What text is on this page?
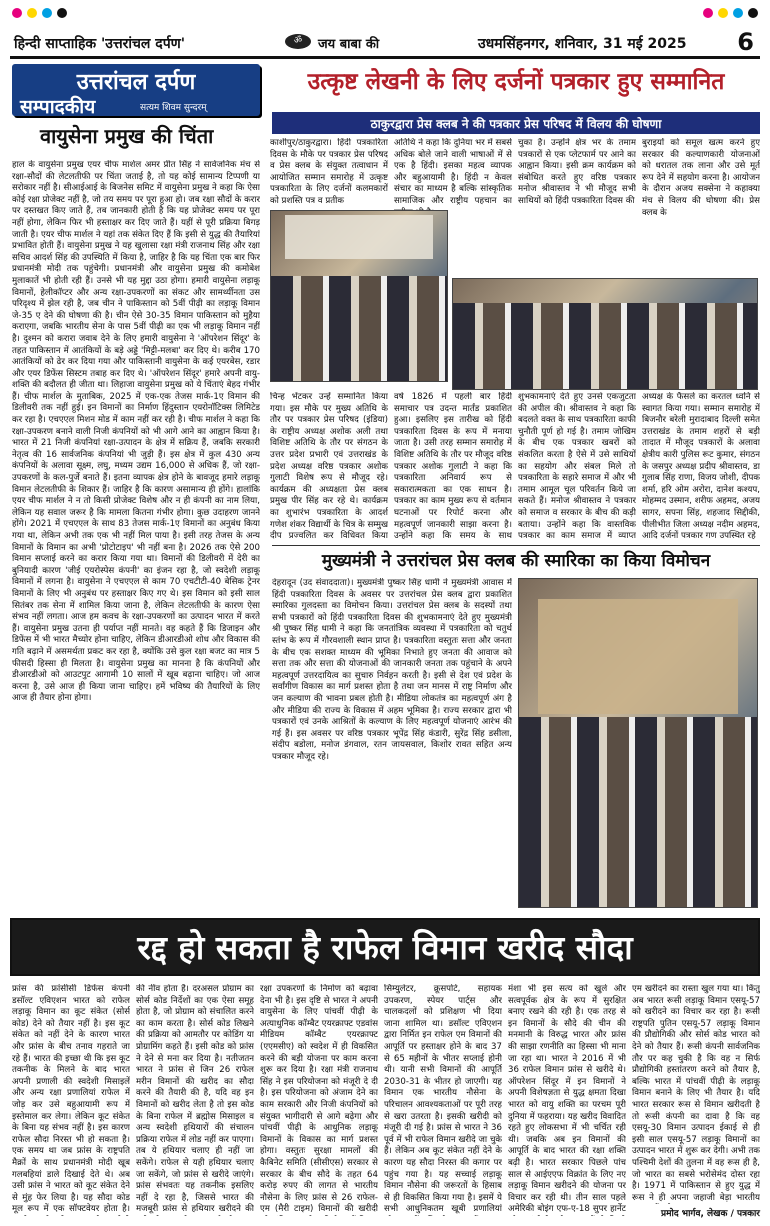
हिन्दी साप्ताहिक 'उत्तरांचल दर्पण'	ॐ	जय बाबा की	उधमसिंहनगर, शनिवार, 31 मई 2025 6
उत्तरांचल दर्पण
सम्पादकीय	सत्यम शिवम सुन्दरम्
वायुसेना प्रमुख की चिंता
हाल के वायुसेना प्रमुख एयर चीफ मार्शल अमर प्रीत सिंह ने सार्वजनिक मंच से रक्षा-सौदों की लेटलतीफी पर चिंता जताई है, तो यह कोई सामान्य टिप्पणी या सरोकार नहीं है। सीआईआई के बिजनेस समिट में वायुसेना प्रमुख ने कहा कि ऐसा कोई रक्षा प्रोजेक्ट नहीं है, जो तय समय पर पूरा हुआ हो। जब रक्षा सौदों के करार पर दस्तखत किए जाते हैं, तब जानकारी होती है कि यह प्रोजेक्ट समय पर पूरा नहीं होगा, लेकिन फिर भी हस्ताक्षर कर दिए जाते हैं। यहीं से पूरी प्रक्रिया बिगड़ जाती है। एयर चीफ मार्शल ने यहां तक संकेत दिए हैं कि इसी से युद्ध की तैयारियां प्रभावित होती हैं। वायुसेना प्रमुख ने यह खुलासा रक्षा मंत्री राजनाथ सिंह और रक्षा सचिव आदर्श सिंह की उपस्थिति में किया है, जाहिर है कि यह चिंता एक बार फिर प्रधानमंत्री मोदी तक पहुंचेगी। प्रधानमंत्री और वायुसेना प्रमुख की कमोबेश मुलाकातें भी होती रही हैं। उनसे भी यह मुद्दा उठा होगा। हमारी वायुसेना लड़ाकू विमानों, हेलीकॉप्टर और अन्य रक्षा-उपकरणों का संकट और सामर्थ्यीनता उस परिदृश्य में झेल रही है, जब चीन ने पाकिस्तान को 5वीं पीढ़ी का लड़ाकू विमान जे-35 ए देने की घोषणा की है। चीन ऐसे 30-35 विमान पाकिस्तान को मुहैया कराएगा, जबकि भारतीय सेना के पास 5वीं पीढ़ी का एक भी लड़ाकू विमान नहीं है। दुश्मन को करारा जवाब देने के लिए हमारी वायुसेना ने 'ऑपरेशन सिंदूर' के तहत पाकिस्तान में आतंकियों के बड़े अड्डे 'मिट्टी-मलबा' कर दिए थे। करीब 170 आतंकियों को ढेर कर दिया गया और पाकिस्तानी वायुसेना के कई एयरबेस, रडार और एयर डिफेंस सिस्टम तबाह कर दिए थे। 'ऑपरेशन सिंदूर' हमारे अपनी वायु-शक्ति की बदौलत ही जीता था। लिहाजा वायुसेना प्रमुख को ये चिंताएं बेहद गंभीर हैं। चीफ मार्शल के मुताबिक, 2025 में एक-एक तेजस मार्क-1ए विमान की डिलीवरी तक नहीं हुई। इन विमानों का निर्माण हिंदुस्तान एयरोनॉटिक्स लिमिटेड कर रहा है। एचएएल मिशन मोड में काम नहीं कर रही है। चीफ मार्शल ने कहा कि रक्षा-उपकरण बनाने वाली निजी कंपनियों को भी आगे आने का आह्वान किया है। भारत में 21 निजी कंपनियां रक्षा-उत्पादन के क्षेत्र में सक्रिय हैं, जबकि सरकारी नेतृत्व की 16 सार्वजनिक कंपनियां भी जुड़ी हैं। इस क्षेत्र में कुल 430 अन्य कंपनियों के अलावा सूक्ष्म, लघु, मध्यम उद्यम 16,000 से अधिक हैं, जो रक्षा-उपकरणों के कल-पुर्जे बनाते हैं। इतना व्यापक क्षेत्र होने के बावजूद हमारे लड़ाकू विमान लेटलतीफी के शिकार हैं। जाहिर है कि कारण असामान्य ही होंगे। हालांकि एयर चीफ मार्शल ने न तो किसी प्रोजेक्ट विशेष और न ही कंपनी का नाम लिया, लेकिन यह सवाल जरूर है कि मामला कितना गंभीर होगा। कुछ उदाहरण जानने होंगे। 2021 में एचएएल के साथ 83 तेजस मार्क-1ए विमानों का अनुबंध किया गया था, लेकिन अभी तक एक भी नहीं मिल पाया है। इसी तरह तेजस के अन्य विमानों के विमान का अभी 'प्रोटोटाइप' भी नहीं बना है। 2026 तक ऐसे 200 विमान सप्लाई करने का करार किया गया था। विमानों की डिलीवरी में देरी का बुनियादी कारण 'जीई एयरोस्पेस कंपनी' का इंजन रहा है, जो स्वदेशी लड़ाकू विमानों में लगना है। वायुसेना ने एचएएल से काम 70 एचटीटी-40 बेसिक ट्रेनर विमानों के लिए भी अनुबंध पर हस्ताक्षर किए गए थे। इस विमान को इसी साल सितंबर तक सेना में शामिल किया जाना है, लेकिन लेटलतीफी के कारण ऐसा संभव नहीं लगता। आज हम कवच के रक्षा-उपकरणों का उत्पादन भारत में करते हैं। वायुसेना प्रमुख उतना ही पर्याप्त नहीं मानते। वह कहते हैं कि डिजाइन और डिफेंस में भी भारत मैच्योर होना चाहिए, लेकिन डीआरडीओ शोध और विकास की गति बढ़ाने में असमर्थता प्रकट कर रहा है, क्योंकि उसे कुल रक्षा बजट का मात्र 5 फीसदी हिस्सा ही मिलता है। वायुसेना प्रमुख का मानना है कि कंपनियों और डीआरडीओ को आउटपुट आगामी 10 सालों में खूब बढ़ाना चाहिए। जो आज करना है, उसे आज ही किया जाना चाहिए। हमें भविष्य की तैयारियों के लिए आज ही तैयार होना होगा।
उत्कृष्ट लेखनी के लिए दर्जनों पत्रकार हुए सम्मानित
ठाकुरद्वारा प्रेस क्लब ने की पत्रकार प्रेस परिषद में विलय की घोषणा
काशीपुर/ठाकुरद्वारा। हिंदी पत्रकारिता दिवस के मौके पर पत्रकार प्रेस परिषद व प्रेस क्लब के संयुक्त तत्वाधान में आयोजित सम्मान समारोह में उत्कृष्ट पत्रकारिता के लिए दर्जनों कलमकारों को प्रशस्ति पत्र व प्रतीक
अतिथि ने कहा कि दुनिया भर में सबसे अधिक बोले जाने वाली भाषाओं में से एक है हिंदी। इसका महत्व व्यापक और बहुआयामी है। हिंदी न केवल संचार का माध्यम है बल्कि सांस्कृतिक सामाजिक और राष्ट्रीय पहचान का
चुका है। उन्होंने क्षेत्र भर के तमाम पत्रकारों से एक प्लेटफार्म पर आने का आह्वान किया। इसी क्रम कार्यक्रम को संबोधित करते हुए वरिष्ठ पत्रकार मनोज श्रीवास्तव ने भी मौजूद सभी साथियों को हिंदी पत्रकारिता दिवस की
बुराइयों को समूल खत्म करने हुए सरकार की कल्याणकारी योजनाओं को धरातल तक लाना और उसे मूर्त रूप देने में सहयोग करना है। आयोजन के दौरान अजय सक्सेना ने कहाक्या मंच से विलय की घोषणा की। प्रेस क्लब के
चिन्ह भेंटकर उन्हें सम्मानित किया गया। इस मौके पर मुख्य अतिथि के तौर पर पत्रकार प्रेस परिषद (इंडिया) के राष्ट्रीय अध्यक्ष अशोक अली तथा विशिष्ट अतिथि के तौर पर संगठन के उत्तर प्रदेश प्रभारी एवं उत्तराखंड के प्रदेश अध्यक्ष वरिष्ठ पत्रकार अशोक गुलाटी विशेष रूप से मौजूद रहे। कार्यक्रम की अध्यक्षता प्रेस क्लब प्रमुख पीर सिंह कर रहे थे। कार्यक्रम का शुभारंभ पत्रकारिता के आदर्श गणेश शंकर विद्यार्थी के चित्र के सम्मुख दीप प्रज्वलित कर विधिवत किया
वर्ष 1826 में पहली बार हिंदी समाचार पत्र उदन्त मार्तंड प्रकाशित हुआ। इसलिए इस तारीख को हिंदी पत्रकारिता दिवस के रूप में मनाया जाता है। उसी तरह सम्मान समारोह में विशिष्ट अतिथि के तौर पर मौजूद वरिष्ठ पत्रकार अशोक गुलाटी ने कहा कि पत्रकारिता अनिवार्य रूप से सकारात्मकता का एक साधन है। पत्रकार का काम मुख्य रूप से वर्तमान घटनाओं पर रिपोर्ट करना और महत्वपूर्ण जानकारी साझा करना है। उन्होंने कहा कि समय के साथ
शुभकामनाएं देते हुए उनसे एकजुटता की अपील की। श्रीवास्तव ने कहा कि बदलते वक्त के साथ पत्रकारिता काफी चुनौती पूर्ण हो गई है। तमाम जोखिम के बीच एक पत्रकार खबरों को संकलित करता है ऐसे में उसे साथियों का सहयोग और संबल मिले तो पत्रकारिता के सहारे समाज में और भी तमाम आमूल चूल परिवर्तन किये जा सकते हैं। मनोज श्रीवास्तव ने पत्रकार को समाज व सरकार के बीच की कड़ी बताया। उन्होंने कहा कि वास्तविक पत्रकार का काम समाज में व्याप्त
अध्यक्ष के फैसले का करतल ध्वनि से स्वागत किया गया। सम्मान समारोह में बिजनौर बरेली मुरादाबाद दिल्ली समेत उत्तराखंड के तमाम शहरों से बड़ी तादात में मौजूद पत्रकारों के अलावा क्षेत्रीय कारी पुलिस रूट कुमार, संगठन के जसपुर अध्यक्ष प्रदीप श्रीवास्तव, डा गुलाब सिंह राणा, विजय जोशी, दीपक शर्मा, हरि ओम अरोरा, दानेश कश्यप, मोहम्मद उस्मान, शरीफ अहमद, अजय सागर, सपना सिंह, शहजाद सिद्दीकी, पीलीभीत जिला अध्यक्ष नदीम अहमद, आदि दर्जनों पत्रकार गण उपस्थित रहे
मुख्यमंत्री ने उत्तरांचल प्रेस क्लब की स्मारिका का किया विमोचन
देहरादून (उद संवाददाता)। मुख्यमंत्री पुष्कर सिंह धामी ने मुख्यमंत्री आवास में हिंदी पत्रकारिता दिवस के अवसर पर उत्तरांचल प्रेस क्लब द्वारा प्रकाशित स्मारिका गुलदस्ता का विमोचन किया। उत्तरांचल प्रेस क्लब के सदस्यों तथा सभी पत्रकारों को हिंदी पत्रकारिता दिवस की शुभकामनाएं देते हुए मुख्यमंत्री श्री पुष्कर सिंह धामी ने कहा कि जनतांत्रिक व्यवस्था में पत्रकारिता को चतुर्थ स्तंभ के रूप में गौरवशाली स्थान प्राप्त है। पत्रकारिता वस्तुतः सत्ता और जनता के बीच एक सशक्त माध्यम की भूमिका निभाते हुए जनता की आवाज को सत्ता तक और सत्ता की योजनाओं की जानकारी जनता तक पहुंचाने के अपने महत्वपूर्ण उत्तरदायित्व का सुचारु निर्वहन करती है। इसी से देश एवं प्रदेश के सर्वांगीण विकास का मार्ग प्रशस्त होता है तथा जन मानस में राष्ट्र निर्माण और जन कल्याण की भावना प्रबल होती है। मीडिया लोकतंत्र का महत्वपूर्ण अंग है और मीडिया की राज्य के विकास में अहम भूमिका है। राज्य सरकार द्वारा भी पत्रकारों एवं उनके आश्रितों के कल्याण के लिए महत्वपूर्ण योजनाएं आरंभ की गई हैं। इस अवसर पर वरिष्ठ पत्रकार भूपेंद्र सिंह कंडारी, सुरेंद्र सिंह डसीला, संदीप बडोला, मनोज डंगवाल, रतन जायसवाल, किशोर रावत सहित अन्य पत्रकार मौजूद रहे।
रद्द हो सकता है राफेल विमान खरीद सौदा
फ्रांस की फ्रांसीसी डिफेंस कंपनी डसॉल्ट एविएशन भारत को राफेल लड़ाकू विमान का कूट संकेत (सोर्स कोड) देने को तैयार नहीं है। इस कूट संकेत को नहीं देने के कारण भारत और फ्रांस के बीच तनाव गहराते जा रहे हैं। भारत की इच्छा थी कि इस कूट तकनीक के मिलने के बाद भारत अपनी प्रणाली की स्वदेशी मिसाइलें और अन्य रक्षा प्रणालियां राफेल में जोड़ कर उसे बहुआयामी रूप में इस्तेमाल कर लेगा। लेकिन कूट संकेत के बिना यह संभव नहीं है। इस कारण राफेल सौदा निरस्त भी हो सकता है। एक समय था जब फ्रांस के राष्ट्रपति मैक्रों के साथ प्रधानमंत्री मोदी खूब गलबहियां डाले दिखाई देते थे। अब उसी फ्रांस ने भारत को कूट संकेत देने से मुंह फेर लिया है। यह सौदा कोड मूल रूप में एक सॉफ्टवेयर होता है।
की नींव होता है। दरअसल प्रोग्राम का सोर्स कोड निर्देशों का एक ऐसा समूह होता है, जो प्रोग्राम को संचालित करने का काम करता है। सोर्स कोड लिखने की प्रक्रिया को आमतौर पर कोडिंग या प्रोग्रामिंग कहते हैं। इसी कोड को फ्रांस ने देने से मना कर दिया है। नतीजतन भारत ने फ्रांस से जिन 26 राफेल मरीन विमानों की खरीद का सौदा करने की तैयारी की है, यदि वह इन विमानों को खरीद लेता है तो इस कोड के बिना राफेल में ब्रह्मोस मिसाइल व अन्य स्वदेशी हथियारों की संचालन प्रक्रिया राफेल में लोड नहीं कर पाएगा। तब ये हथियार चलाए ही नहीं जा सकेंगे। राफेल से यही हथियार चलाए जा सकेंगे, जो फ्रांस से खरीदे जाएंगे। फ्रांस संभवतः यह तकनीक इसलिए नहीं दे रहा है, जिससे भारत की मजबूरी फ्रांस से हथियार खरीदने की
रक्षा उपकरणों के निर्माण को बढ़ावा देना भी है। इस दृष्टि से भारत ने अपनी वायुसेना के लिए पांचवीं पीढ़ी के अत्याधुनिक कॉम्बैट एयरक्राफ्ट एडवांस मीडियम कॉम्बैट एयरक्राफ्ट (एएमसीए) को स्वदेश में ही विकसित करने की बड़ी योजना पर काम करना शुरू कर दिया है। रक्षा मंत्री राजनाथ सिंह ने इस परियोजना को मंजूरी दे दी है। इस परियोजना को अंजाम देने का काम सरकारी और निजी कंपनियों को संयुक्त भागीदारी से आगे बढ़ेगा और पांचवीं पीढ़ी के आधुनिक लड़ाकू विमानों के विकास का मार्ग प्रशस्त होगा। वस्तुतः सुरक्षा मामलों की कैबिनेट समिति (सीसीएस) सरकार से सरकार के बीच सौदे के तहत 64 करोड़ रुपए की लागत से भारतीय नौसेना के लिए फ्रांस से 26 राफेल-एम (मैरी टाइम) विमानों की खरीदी
सिम्युलेटर, क्रूसपोर्ट, सहायक उपकरण, स्पेयर पार्ट्स और चालकदलों को प्रशिक्षण भी दिया जाना शामिल था। डसॉल्ट एविएशन द्वारा निर्मित इन राफेल एम विमानों की आपूर्ति पर हस्ताक्षर होने के बाद 37 से 65 महीनों के भीतर सप्लाई होनी थी। यानी सभी विमानों की आपूर्ति 2030-31 के भीतर हो जाएगी। यह विमान एक भारतीय नौसेना के परिचालन आवश्यकताओं पर पूरी तरह से खरा उतरता है। इसकी खरीदी को मंजूरी दी गई है। फ्रांस से भारत ने 36 पूर्व में भी राफेल विमान खरीदे जा चुके हैं। लेकिन अब कूट संकेत नहीं देने के कारण यह सौदा निरस्त की कगार पर पहुंच गया है। यह सच्चाई लड़ाकू विमान नौसेना की जरूरतों के हिसाब से ही विकसित किया गया है। इसमें ये सभी आधुनिकतम खूबी प्रणालियां
मंशा भी इस सत्य को खुले और सत्वपूर्वक क्षेत्र के रूप में सुरक्षित बनाए रखने की रही है। एक तरह से इन विमानों के सौदे की चीन की मनमानी के विरुद्ध भारत और फ्रांस की साझा रणनीति का हिस्सा भी माना जा रहा था। भारत ने 2016 में भी 36 राफेल विमान फ्रांस से खरीदे थे। ऑपरेशन सिंदूर में इन विमानों ने अपनी विशेषज्ञता से युद्ध क्षमता दिखा भारत को वायु शक्ति का परचम पूरी दुनिया में फहराया। यह खरीद विवादित रहते हुए लोकसभा में भी चर्चित रही थी। जबकि अब इन विमानों की आपूर्ति के बाद भारत की रक्षा शक्ति बढ़ी है। भारत सरकार पिछले पांच साल से आईएएफ विक्रांत के लिए नए लड़ाकू विमान खरीदने की योजना पर विचार कर रही थी। तीन साल पहले अमेरिकी बोइंग एफ-ए-18 सुपर हार्नेट
एम खरीदने का रास्ता खुल गया था। किंतु अब भारत रूसी लड़ाकू विमान एसयू-57 को खरीदने का विचार कर रहा है। रूसी राष्ट्रपति पुतिन एसयू-57 लड़ाकू विमान की प्रौद्योगिकी और सोर्स कोड भारत को देने को तैयार हैं। रूसी कंपनी सार्वजनिक तौर पर कह चुकी है कि वह न सिर्फ प्रौद्योगिकी हस्तांतरण करने को तैयार है, बल्कि भारत में पांचवीं पीढ़ी के लड़ाकू विमान बनाने के लिए भी तैयार है। यदि भारत सरकार रूस से विमान खरीदती है तो रूसी कंपनी का दावा है कि वह एसयू-30 विमान उत्पादन ईकाई से ही इसी साल एसयू-57 लड़ाकू विमानों का उत्पादन भारत में शुरू कर देगी। अभी तक पश्चिमी देशों की तुलना में वह रूस ही है, जो भारत का सबसे भरोसेमंद दोस्त रहा है। 1971 में पाकिस्तान से हुए युद्ध में रूस ने ही अपना जहाजी बेड़ा भारतीय
प्रमोद भार्गव, लेखक / पत्रकार
